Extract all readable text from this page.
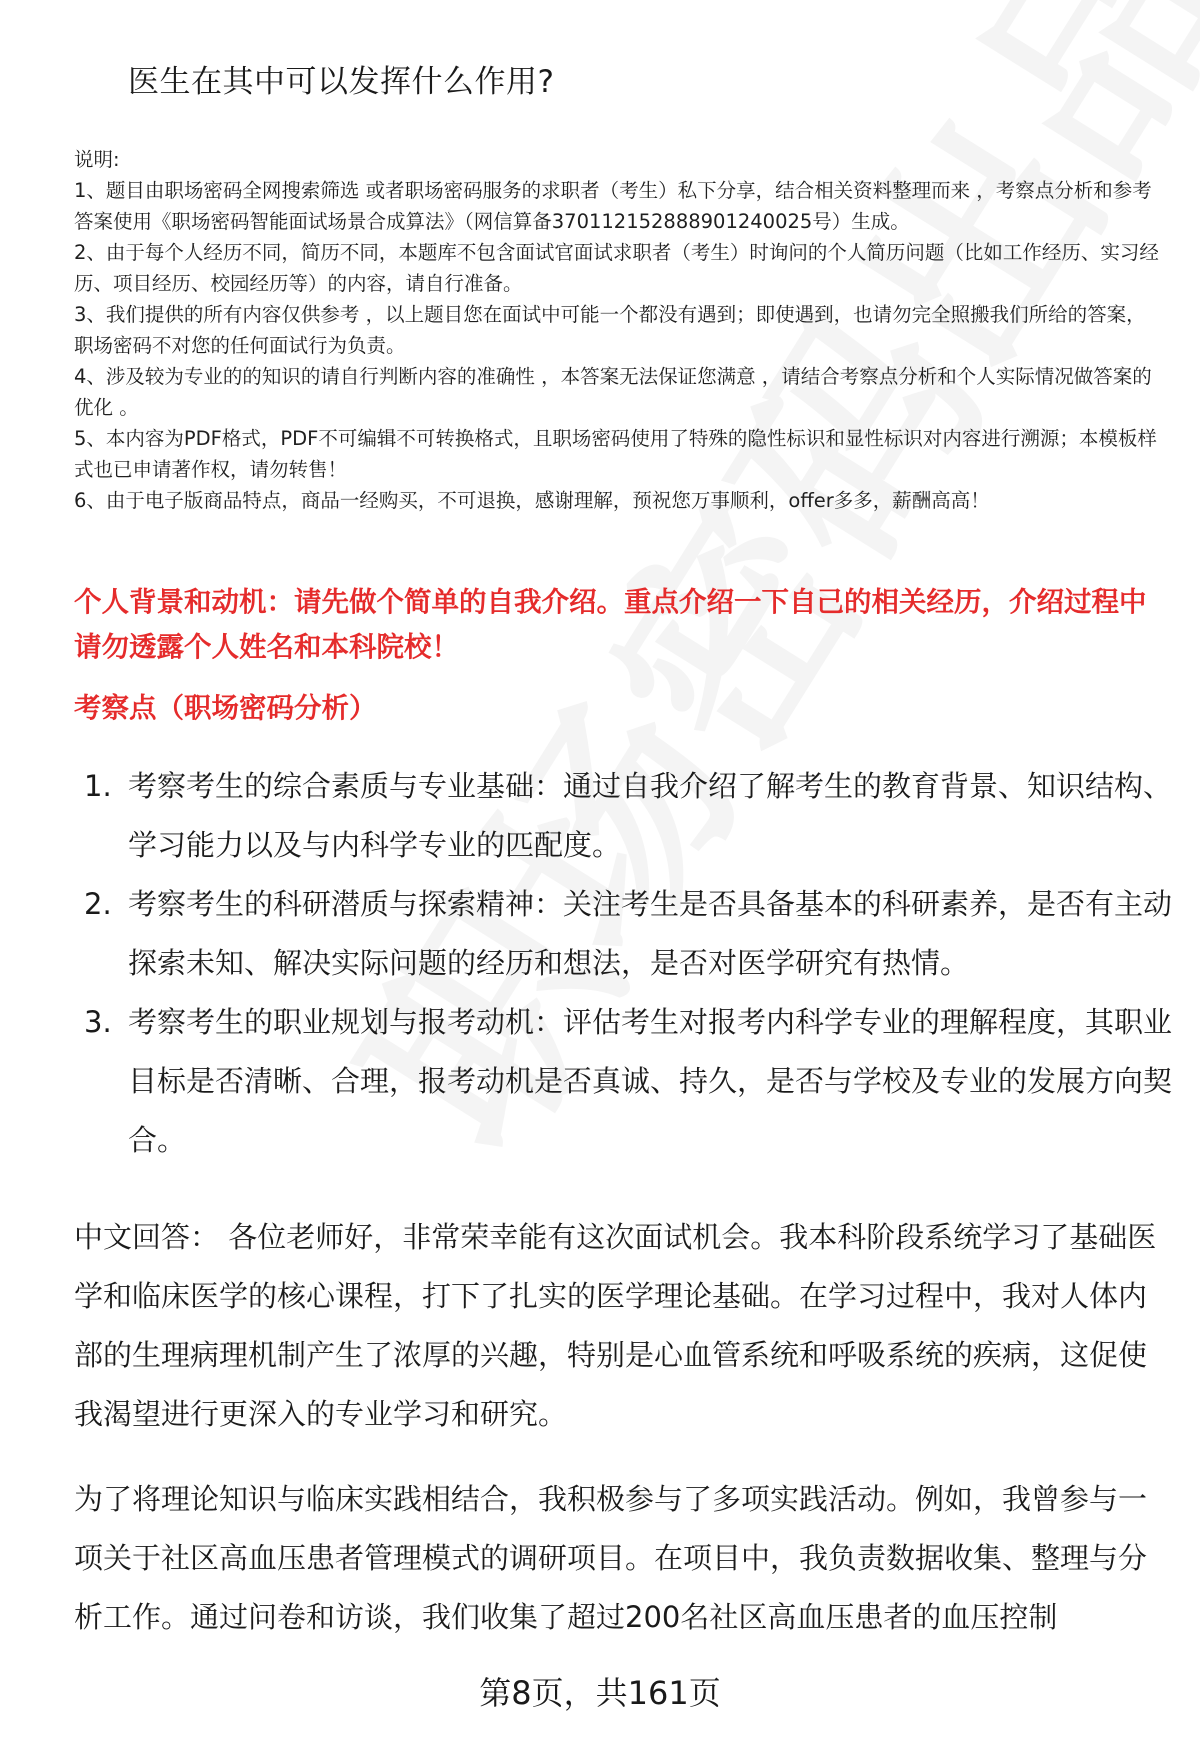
医生在其中可以发挥什么作用?

说明:

1、题目由职场密码全网搜索筛选 或者职场密码服务的求职者（考生）私下分享，结合相关资料整理而来 ，考察点分析和参考答案使用《职场密码智能面试场景合成算法》（网信算备370112152888901240025号）生成。

2、由于每个人经历不同，简历不同，本题库不包含面试官面试求职者（考生）时询问的个人简历问题（比如工作经历、实习经历、项目经历、校园经历等）的内容，请自行准备。

3、我们提供的所有内容仅供参考 ，以上题目您在面试中可能一个都没有遇到；即使遇到，也请勿完全照搬我们所给的答案，职场密码不对您的任何面试行为负责。

4、涉及较为专业的的知识的请自行判断内容的准确性 ，本答案无法保证您满意 ，请结合考察点分析和个人实际情况做答案的优化 。

5、本内容为PDF格式，PDF不可编辑不可转换格式，且职场密码使用了特殊的隐性标识和显性标识对内容进行溯源；本模板样式也已申请著作权，请勿转售！

6、由于电子版商品特点，商品一经购买，不可退换，感谢理解，预祝您万事顺利，offer多多，薪酬高高！

个人背景和动机：请先做个简单的自我介绍。重点介绍一下自己的相关经历，介绍过程中请勿透露个人姓名和本科院校！
考察点（职场密码分析）
1. 考察考生的综合素质与专业基础：通过自我介绍了解考生的教育背景、知识结构、学习能力以及与内科学专业的匹配度。
2. 考察考生的科研潜质与探索精神：关注考生是否具备基本的科研素养，是否有主动探索未知、解决实际问题的经历和想法，是否对医学研究有热情。
3. 考察考生的职业规划与报考动机：评估考生对报考内科学专业的理解程度，其职业目标是否清晰、合理，报考动机是否真诚、持久，是否与学校及专业的发展方向契合。

中文回答： 各位老师好，非常荣幸能有这次面试机会。我本科阶段系统学习了基础医学和临床医学的核心课程，打下了扎实的医学理论基础。在学习过程中，我对人体内部的生理病理机制产生了浓厚的兴趣，特别是心血管系统和呼吸系统的疾病，这促使我渴望进行更深入的专业学习和研究。

为了将理论知识与临床实践相结合，我积极参与了多项实践活动。例如，我曾参与一项关于社区高血压患者管理模式的调研项目。在项目中，我负责数据收集、整理与分析工作。通过问卷和访谈，我们收集了超过200名社区高血压患者的血压控制

第8页，共161页
